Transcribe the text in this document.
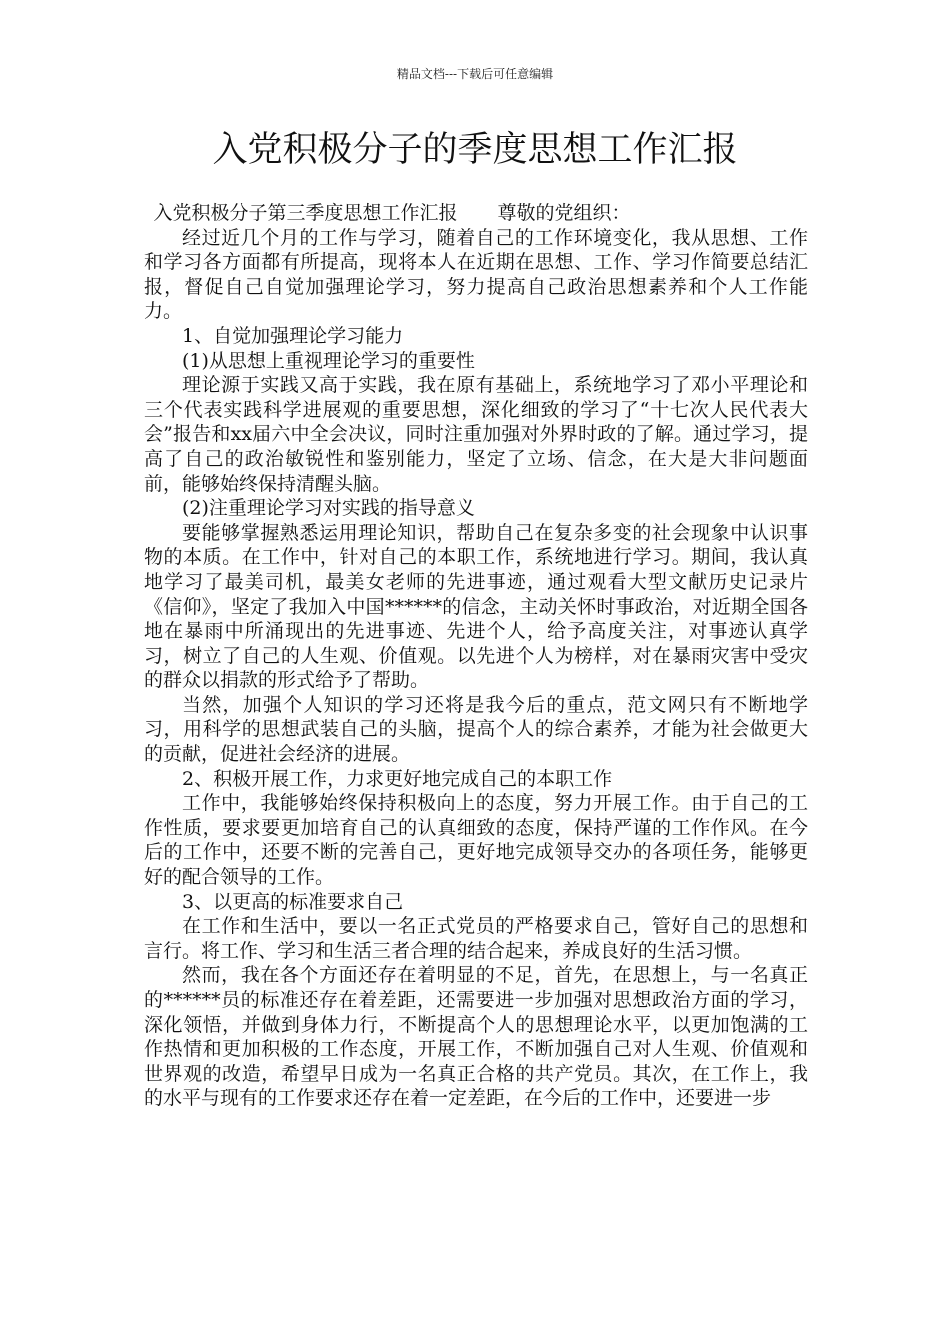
精品文档---下载后可任意编辑
入党积极分子的季度思想工作汇报

入党积极分子第三季度思想工作汇报 尊敬的党组织：

经过近几个月的工作与学习，随着自己的工作环境变化，我从思想、工作和学习各方面都有所提高，现将本人在近期在思想、工作、学习作简要总结汇报，督促自己自觉加强理论学习，努力提高自己政治思想素养和个人工作能力。

1、自觉加强理论学习能力

(1)从思想上重视理论学习的重要性

理论源于实践又高于实践，我在原有基础上，系统地学习了邓小平理论和三个代表实践科学进展观的重要思想，深化细致的学习了“十七次人民代表大会”报告和xx届六中全会决议，同时注重加强对外界时政的了解。通过学习，提高了自己的政治敏锐性和鉴别能力，坚定了立场、信念，在大是大非问题面前，能够始终保持清醒头脑。

(2)注重理论学习对实践的指导意义

要能够掌握熟悉运用理论知识，帮助自己在复杂多变的社会现象中认识事物的本质。在工作中，针对自己的本职工作，系统地进行学习。期间，我认真地学习了最美司机，最美女老师的先进事迹，通过观看大型文献历史记录片《信仰》，坚定了我加入中国******的信念，主动关怀时事政治，对近期全国各地在暴雨中所涌现出的先进事迹、先进个人，给予高度关注，对事迹认真学习，树立了自己的人生观、价值观。以先进个人为榜样，对在暴雨灾害中受灾的群众以捐款的形式给予了帮助。

当然，加强个人知识的学习还将是我今后的重点，范文网只有不断地学习，用科学的思想武装自己的头脑，提高个人的综合素养，才能为社会做更大的贡献，促进社会经济的进展。

2、积极开展工作，力求更好地完成自己的本职工作

工作中，我能够始终保持积极向上的态度，努力开展工作。由于自己的工作性质，要求要更加培育自己的认真细致的态度，保持严谨的工作作风。在今后的工作中，还要不断的完善自己，更好地完成领导交办的各项任务，能够更好的配合领导的工作。

3、以更高的标准要求自己

在工作和生活中，要以一名正式党员的严格要求自己，管好自己的思想和言行。将工作、学习和生活三者合理的结合起来，养成良好的生活习惯。

然而，我在各个方面还存在着明显的不足，首先，在思想上，与一名真正的******员的标准还存在着差距，还需要进一步加强对思想政治方面的学习，深化领悟，并做到身体力行，不断提高个人的思想理论水平，以更加饱满的工作热情和更加积极的工作态度，开展工作，不断加强自己对人生观、价值观和世界观的改造，希望早日成为一名真正合格的共产党员。其次，在工作上，我的水平与现有的工作要求还存在着一定差距，在今后的工作中，还要进一步
